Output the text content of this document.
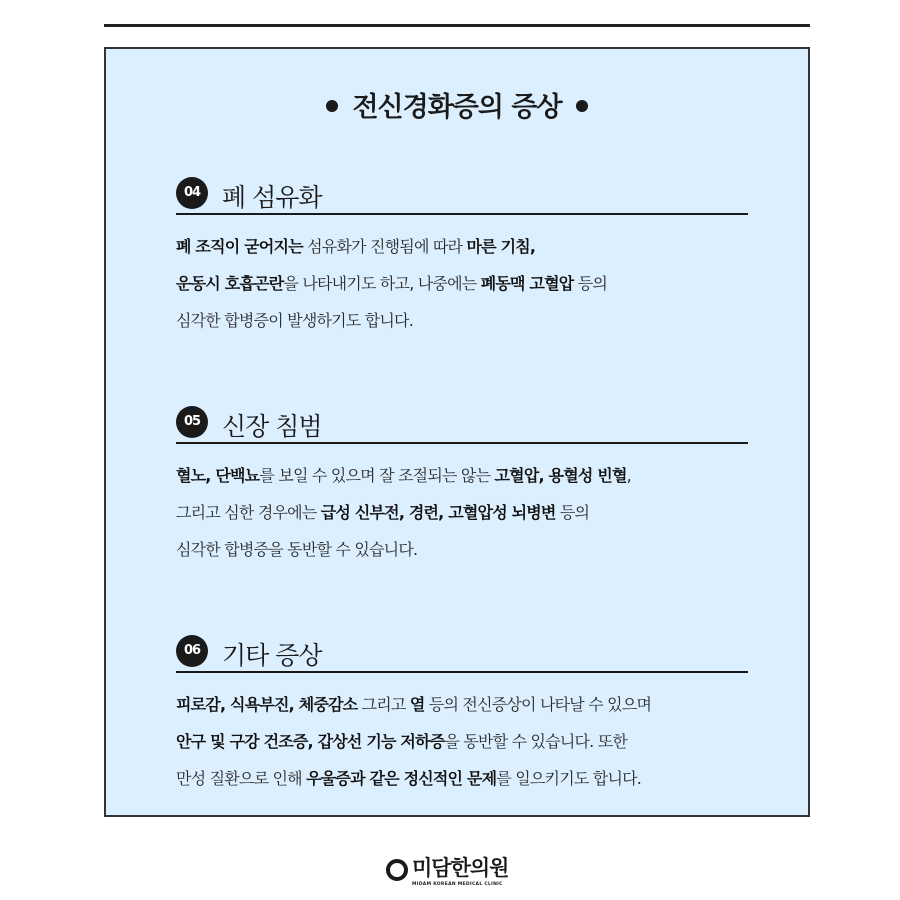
전신경화증의 증상
04 폐 섬유화
폐 조직이 굳어지는 섬유화가 진행됨에 따라 마른 기침,
운동시 호흡곤란을 나타내기도 하고, 나중에는 폐동맥 고혈압 등의
심각한 합병증이 발생하기도 합니다.
05 신장 침범
혈노, 단백뇨를 보일 수 있으며 잘 조절되는 않는 고혈압, 용혈성 빈혈,
그리고 심한 경우에는 급성 신부전, 경련, 고혈압성 뇌병변 등의
심각한 합병증을 동반할 수 있습니다.
06 기타 증상
피로감, 식욕부진, 체중감소 그리고 열 등의 전신증상이 나타날 수 있으며
안구 및 구강 건조증, 갑상선 기능 저하증을 동반할 수 있습니다. 또한
만성 질환으로 인해 우울증과 같은 정신적인 문제를 일으키기도 합니다.
미담한의원
MIDAM KOREAN MEDICAL CLINIC
